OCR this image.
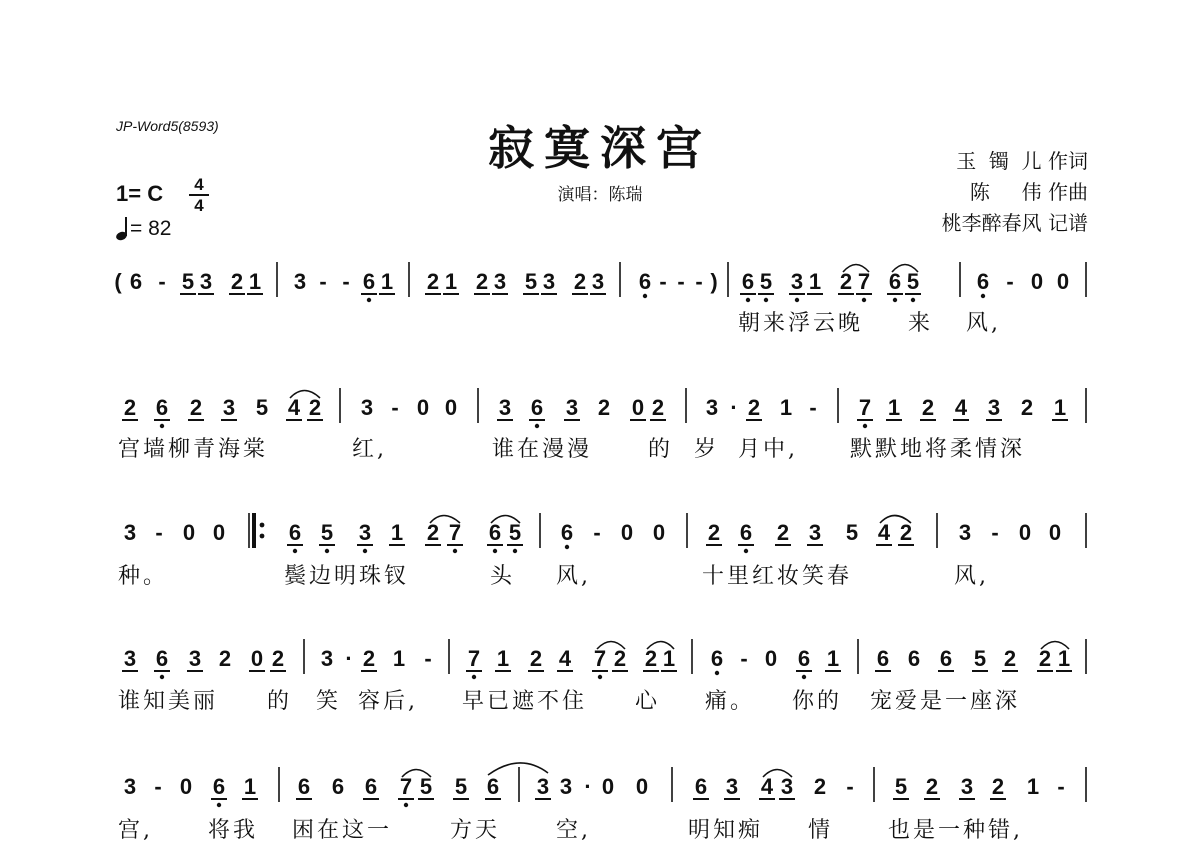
JP-Word5(8593)	寂寞深宫
演唱：陈瑞
玉  镯  儿 作词
陈     伟 作曲
桃李醉春风 记谱
1= C	4
4
= 82
( 6 - 5 3 2 1 3 - - 6 1 2 1 2 3 5 3 2 3 6 - - - ) 6 5 3 1 2 7 6 5	6 - 0 0
朝来浮云晚 来 风,
2 6 2 3 5 4 2 3 - 0 0 3 6 3 2 0 2 3 · 2 1 - 7 1 2 4 3 2 1
宫墙柳青海棠	红,	谁在漫漫	的 岁 月中, 默默地将柔情深
3 - 0 0	6 5 3 1 2 7 6 5 6 - 0 0 2 6 2 3 5 4 2 3 - 0 0
种。	鬓边明珠钗	头 风,	十里红妆笑春	风,
3 6 3 2 0 2 3 · 2 1 - 7 1 2 4 7 2 2 1 6 - 0 6 1 6 6 6 5 2 2 1
谁知美丽 的 笑 容后, 早已遮不住 心 痛。 你的 宠爱是一座深
3 - 0 6 1 6 6 6 7 5 5 6 3 3 · 0 0 6 3 4 3 2 - 5 2 3 2 1 -
宫,	将我 困在这一	方天	空,	明知痴 情 也是一种错,
